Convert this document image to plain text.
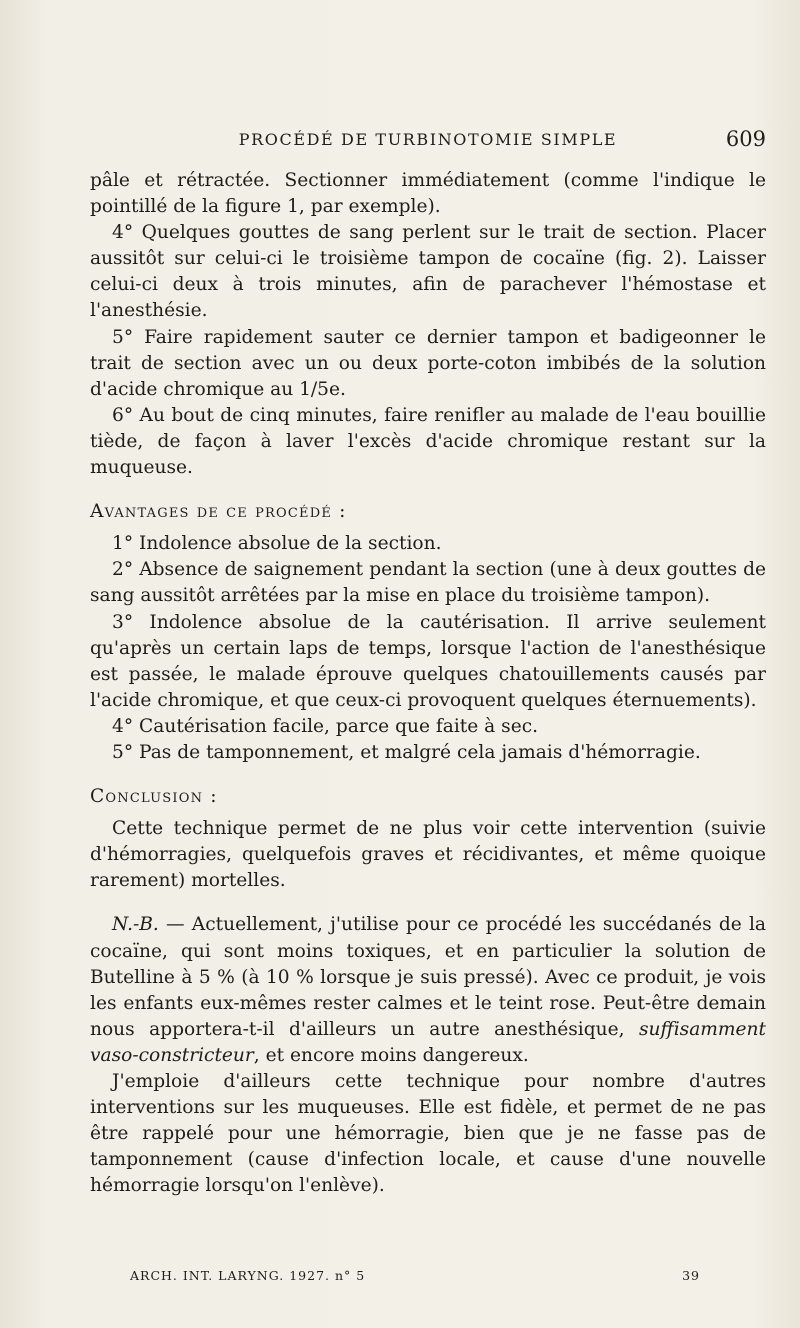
PROCÉDÉ DE TURBINOTOMIE SIMPLE	609

pâle et rétractée. Sectionner immédiatement (comme l'indique le pointillé de la figure 1, par exemple).

4° Quelques gouttes de sang perlent sur le trait de section. Placer aussitôt sur celui-ci le troisième tampon de cocaïne (fig. 2). Laisser celui-ci deux à trois minutes, afin de parachever l'hémostase et l'anesthésie.

5° Faire rapidement sauter ce dernier tampon et badigeonner le trait de section avec un ou deux porte-coton imbibés de la solution d'acide chromique au 1/5e.

6° Au bout de cinq minutes, faire renifler au malade de l'eau bouillie tiède, de façon à laver l'excès d'acide chromique restant sur la muqueuse.

Avantages de ce procédé :

1° Indolence absolue de la section.

2° Absence de saignement pendant la section (une à deux gouttes de sang aussitôt arrêtées par la mise en place du troisième tampon).

3° Indolence absolue de la cautérisation. Il arrive seulement qu'après un certain laps de temps, lorsque l'action de l'anesthésique est passée, le malade éprouve quelques chatouillements causés par l'acide chromique, et que ceux-ci provoquent quelques éternuements).

4° Cautérisation facile, parce que faite à sec.

5° Pas de tamponnement, et malgré cela jamais d'hémorragie.

Conclusion :

Cette technique permet de ne plus voir cette intervention (suivie d'hémorragies, quelquefois graves et récidivantes, et même quoique rarement) mortelles.

N.-B. — Actuellement, j'utilise pour ce procédé les succédanés de la cocaïne, qui sont moins toxiques, et en particulier la solution de Butelline à 5 % (à 10 % lorsque je suis pressé). Avec ce produit, je vois les enfants eux-mêmes rester calmes et le teint rose. Peut-être demain nous apportera-t-il d'ailleurs un autre anesthésique, suffisamment vaso-constricteur, et encore moins dangereux.

J'emploie d'ailleurs cette technique pour nombre d'autres interventions sur les muqueuses. Elle est fidèle, et permet de ne pas être rappelé pour une hémorragie, bien que je ne fasse pas de tamponnement (cause d'infection locale, et cause d'une nouvelle hémorragie lorsqu'on l'enlève).

ARCH. INT. LARYNG. 1927. n° 5	39
